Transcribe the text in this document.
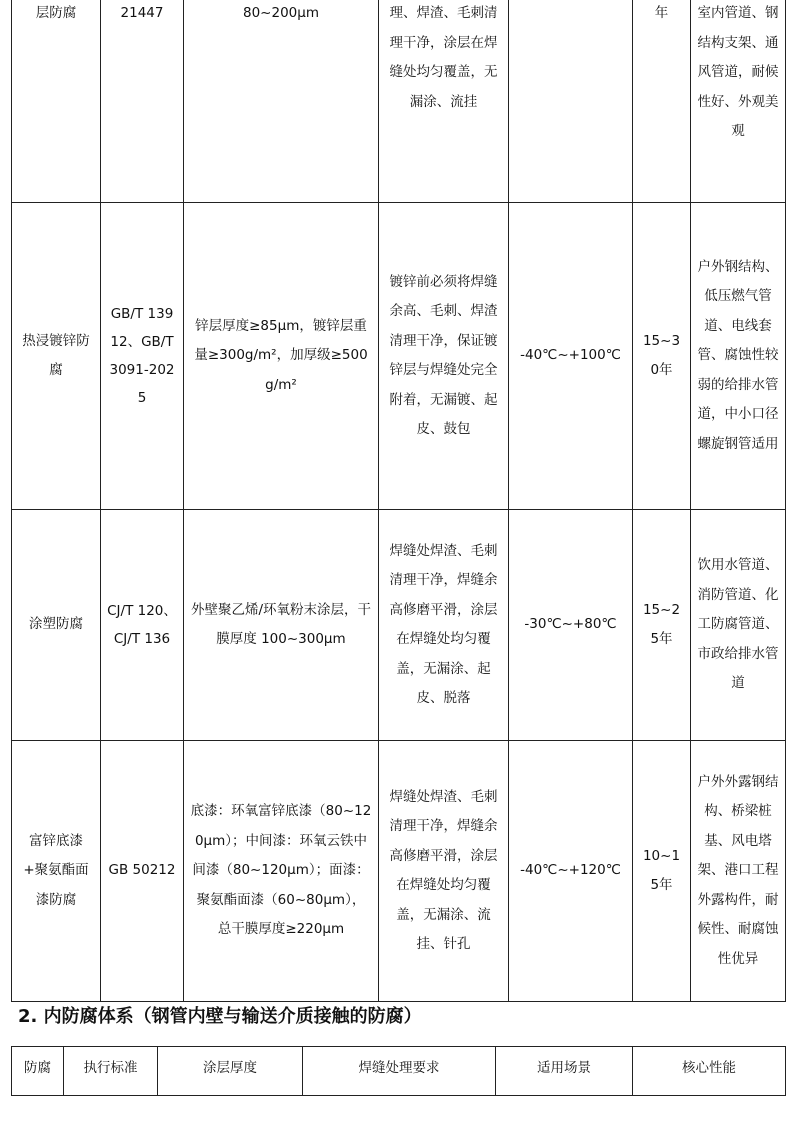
层防腐	21447	80~200μm	理、焊渣、毛刺清理干净，涂层在焊缝处均匀覆盖，无漏涂、流挂		年	室内管道、钢结构支架、通风管道，耐候性好、外观美观
热浸镀锌防腐	GB/T 13912、GB/T 3091-2025	锌层厚度≥85μm，镀锌层重量≥300g/m²，加厚级≥500g/m²	镀锌前必须将焊缝余高、毛刺、焊渣清理干净，保证镀锌层与焊缝处完全附着，无漏镀、起皮、鼓包	-40℃~+100℃	15~30年	户外钢结构、低压燃气管道、电线套管、腐蚀性较弱的给排水管道，中小口径螺旋钢管适用
涂塑防腐	CJ/T 120、CJ/T 136	外壁聚乙烯/环氧粉末涂层，干膜厚度 100~300μm	焊缝处焊渣、毛刺清理干净，焊缝余高修磨平滑，涂层在焊缝处均匀覆盖，无漏涂、起皮、脱落	-30℃~+80℃	15~25年	饮用水管道、消防管道、化工防腐管道、市政给排水管道
富锌底漆+聚氨酯面漆防腐	GB 50212	底漆：环氧富锌底漆（80~120μm）；中间漆：环氧云铁中间漆（80~120μm）；面漆：聚氨酯面漆（60~80μm），总干膜厚度≥220μm	焊缝处焊渣、毛刺清理干净，焊缝余高修磨平滑，涂层在焊缝处均匀覆盖，无漏涂、流挂、针孔	-40℃~+120℃	10~15年	户外外露钢结构、桥梁桩基、风电塔架、港口工程外露构件，耐候性、耐腐蚀性优异
2. 内防腐体系（钢管内壁与输送介质接触的防腐）
防腐	执行标准	涂层厚度	焊缝处理要求	适用场景	核心性能
